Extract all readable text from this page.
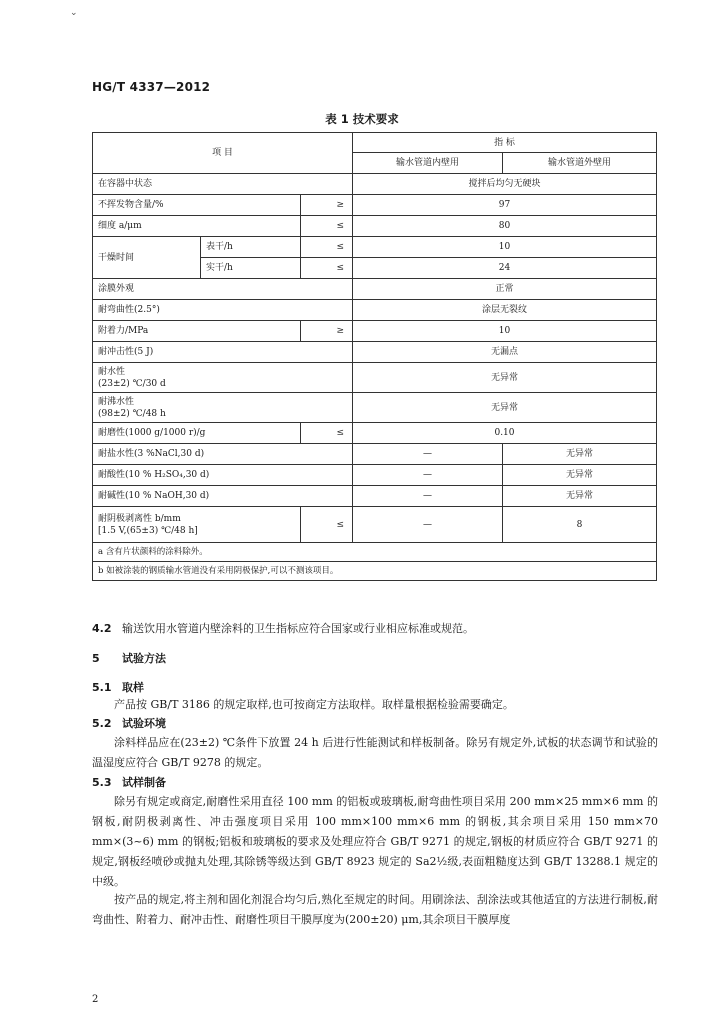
⌄
HG/T 4337—2012
表 1 技术要求
项 目			指 标	
			输水管道内壁用	输水管道外壁用
在容器中状态			搅拌后均匀无硬块	
不挥发物含量/%		≥	97	
细度 a/μm		≤	80	
干燥时间	表干/h	≤	10	
	实干/h	≤	24	
涂膜外观			正常	
耐弯曲性(2.5°)			涂层无裂纹	
附着力/MPa		≥	10	
耐冲击性(5 J)			无漏点	

耐水性
(23±2) ℃/30 d			无异常	

耐沸水性
(98±2) ℃/48 h			无异常	
耐磨性(1000 g/1000 r)/g		≤	0.10	
耐盐水性(3 %NaCl,30 d)			—	无异常
耐酸性(10 % H₂SO₄,30 d)			—	无异常
耐碱性(10 % NaOH,30 d)			—	无异常

耐阴极剥离性 b/mm
[1.5 V,(65±3) ℃/48 h]		≤	—	8
a 含有片状颜料的涂料除外。				
b 如被涂装的钢质输水管道没有采用阴极保护,可以不测该项目。				
4.2 输送饮用水管道内壁涂料的卫生指标应符合国家或行业相应标准或规范。
5 试验方法
5.1 取样
产品按 GB/T 3186 的规定取样,也可按商定方法取样。取样量根据检验需要确定。
5.2 试验环境
涂料样品应在(23±2) ℃条件下放置 24 h 后进行性能测试和样板制备。除另有规定外,试板的状态调节和试验的温湿度应符合 GB/T 9278 的规定。
5.3 试样制备
除另有规定或商定,耐磨性采用直径 100 mm 的铝板或玻璃板,耐弯曲性项目采用 200 mm×25 mm×6 mm 的钢板,耐阴极剥离性、冲击强度项目采用 100 mm×100 mm×6 mm 的钢板,其余项目采用 150 mm×70 mm×(3~6) mm 的钢板;铝板和玻璃板的要求及处理应符合 GB/T 9271 的规定,钢板的材质应符合 GB/T 9271 的规定,钢板经喷砂或抛丸处理,其除锈等级达到 GB/T 8923 规定的 Sa2½级,表面粗糙度达到 GB/T 13288.1 规定的中级。
按产品的规定,将主剂和固化剂混合均匀后,熟化至规定的时间。用刷涂法、刮涂法或其他适宜的方法进行制板,耐弯曲性、附着力、耐冲击性、耐磨性项目干膜厚度为(200±20) μm,其余项目干膜厚度
2
